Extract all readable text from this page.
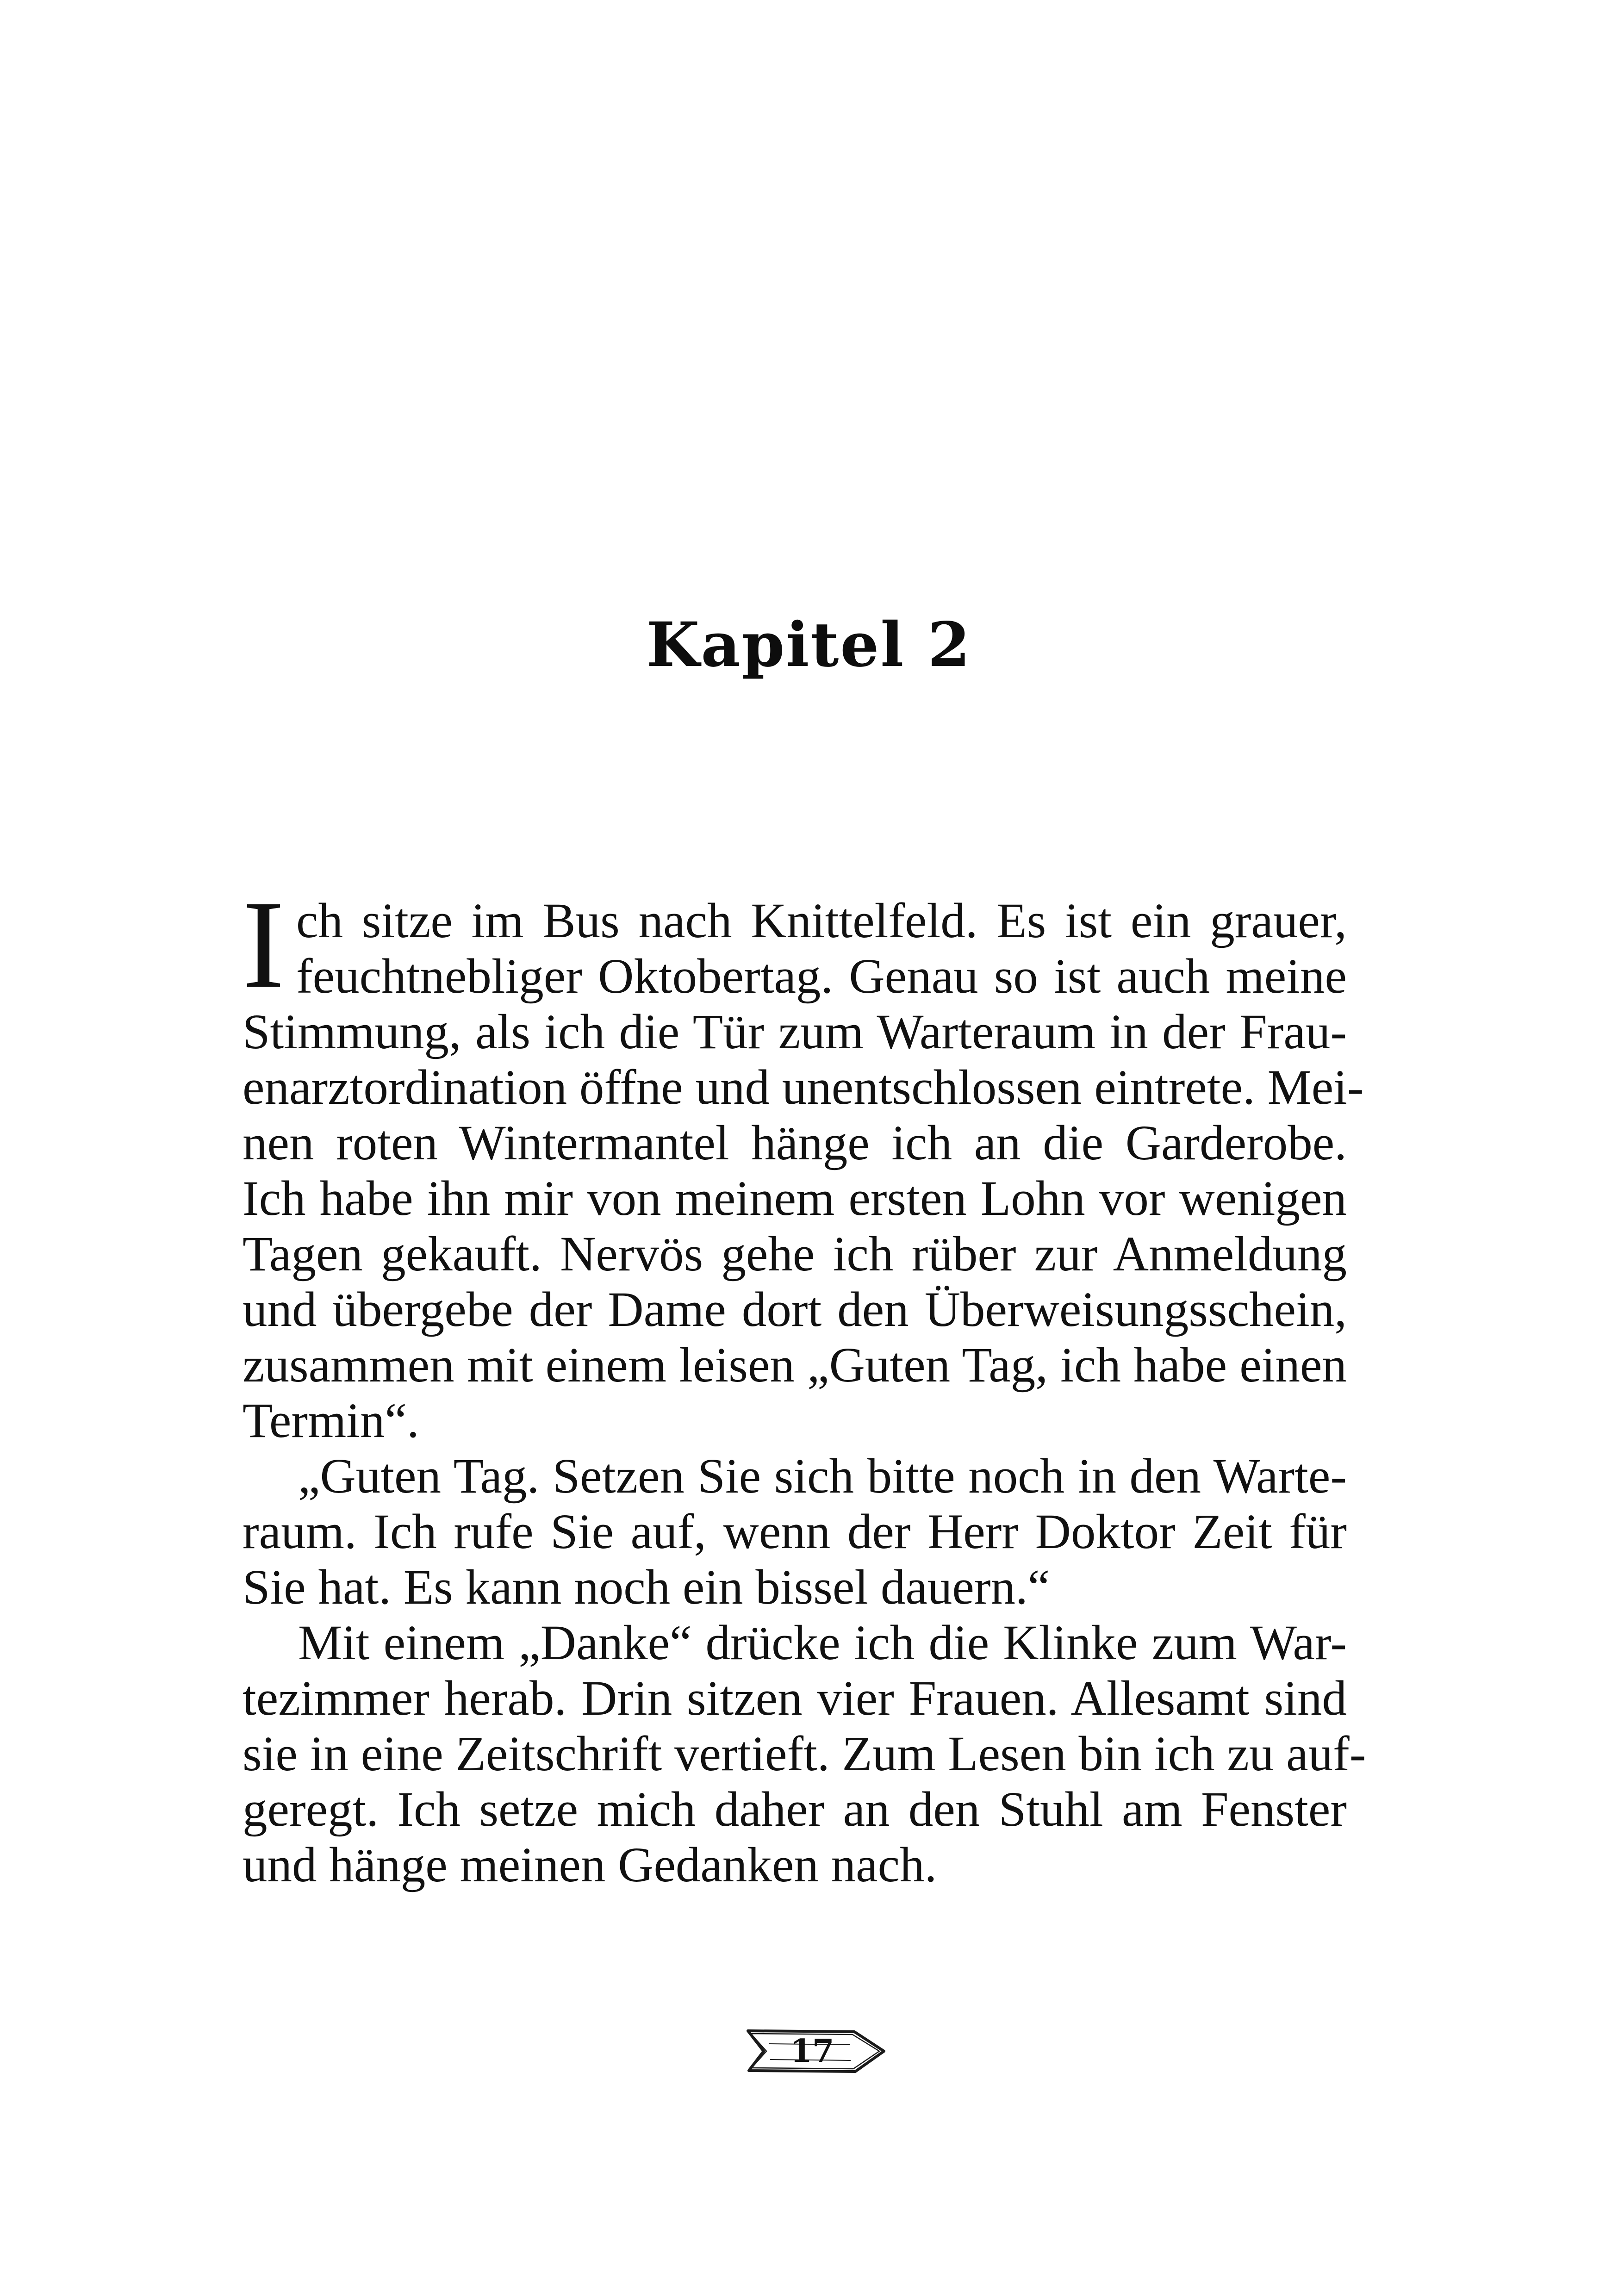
Kapitel 2
I ch sitze im Bus nach Knittelfeld. Es ist ein grauer,
feuchtnebliger Oktobertag. Genau so ist auch meine
Stimmung, als ich die Tür zum Warteraum in der Frau-
enarztordination öffne und unentschlossen eintrete. Mei-
nen roten Wintermantel hänge ich an die Garderobe.
Ich habe ihn mir von meinem ersten Lohn vor wenigen
Tagen gekauft. Nervös gehe ich rüber zur Anmeldung
und übergebe der Dame dort den Überweisungsschein,
zusammen mit einem leisen „Guten Tag, ich habe einen
Termin“.
„Guten Tag. Setzen Sie sich bitte noch in den Warte-
raum. Ich rufe Sie auf, wenn der Herr Doktor Zeit für
Sie hat. Es kann noch ein bissel dauern.“
Mit einem „Danke“ drücke ich die Klinke zum War-
tezimmer herab. Drin sitzen vier Frauen. Allesamt sind
sie in eine Zeitschrift vertieft. Zum Lesen bin ich zu auf-
geregt. Ich setze mich daher an den Stuhl am Fenster
und hänge meinen Gedanken nach.
17
